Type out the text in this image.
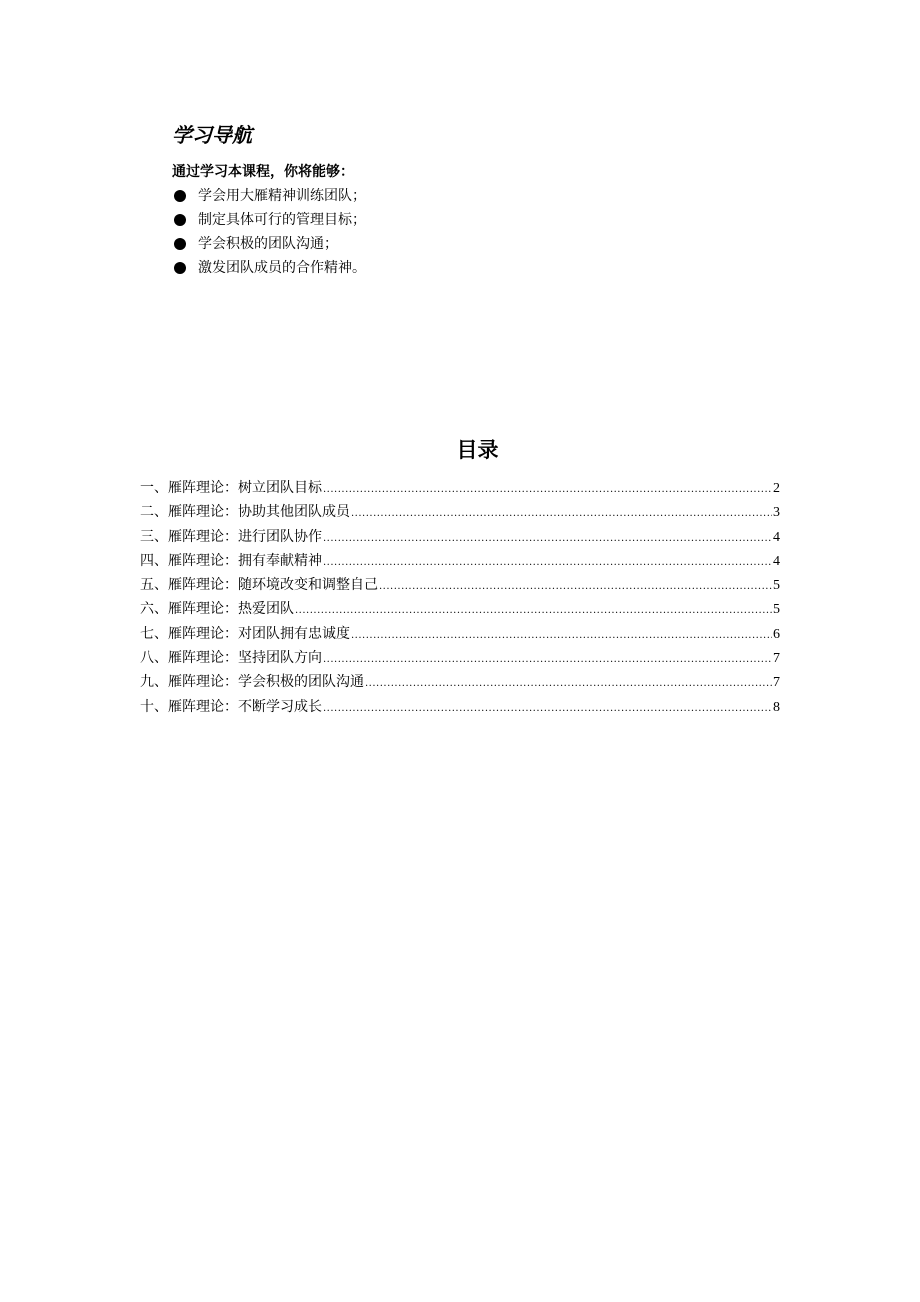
学习导航
通过学习本课程，你将能够：
学会用大雁精神训练团队；
制定具体可行的管理目标；
学会积极的团队沟通；
激发团队成员的合作精神。
目录
一、雁阵理论：树立团队目标 .....	2
二、雁阵理论：协助其他团队成员 .....	3
三、雁阵理论：进行团队协作 .....	4
四、雁阵理论：拥有奉献精神 .....	4
五、雁阵理论：随环境改变和调整自己 .....	5
六、雁阵理论：热爱团队 .....	5
七、雁阵理论：对团队拥有忠诚度 .....	6
八、雁阵理论：坚持团队方向 .....	7
九、雁阵理论：学会积极的团队沟通 .....	7
十、雁阵理论：不断学习成长 .....	8
